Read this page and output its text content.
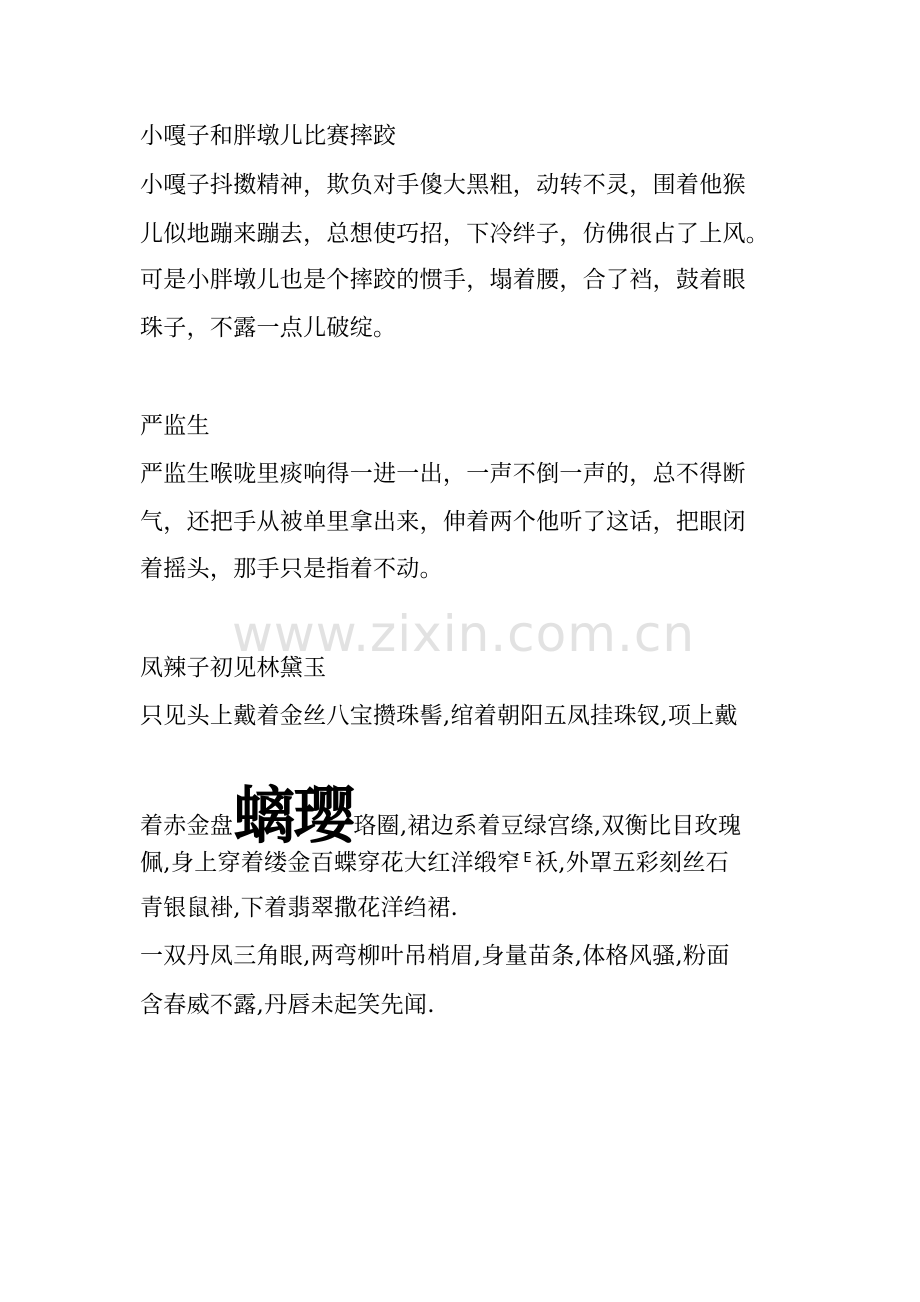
www.zixin.com.cn
小嘎子和胖墩儿比赛摔跤
小嘎子抖擞精神，欺负对手傻大黑粗，动转不灵，围着他猴
儿似地蹦来蹦去，总想使巧招，下冷绊子，仿佛很占了上风。
可是小胖墩儿也是个摔跤的惯手，塌着腰，合了裆，鼓着眼
珠子，不露一点儿破绽。
严监生
严监生喉咙里痰响得一进一出，一声不倒一声的，总不得断
气，还把手从被单里拿出来，伸着两个他听了这话，把眼闭
着摇头，那手只是指着不动。
凤辣子初见林黛玉
只见头上戴着金丝八宝攒珠髻,绾着朝阳五凤挂珠钗,项上戴
着赤金盘螭璎珞圈,裙边系着豆绿宫绦,双衡比目玫瑰
佩,身上穿着缕金百蝶穿花大红洋缎窄 $^E$ 袄,外罩五彩刻丝石
青银鼠褂,下着翡翠撒花洋绉裙.
一双丹凤三角眼,两弯柳叶吊梢眉,身量苗条,体格风骚,粉面
含春威不露,丹唇未起笑先闻.
